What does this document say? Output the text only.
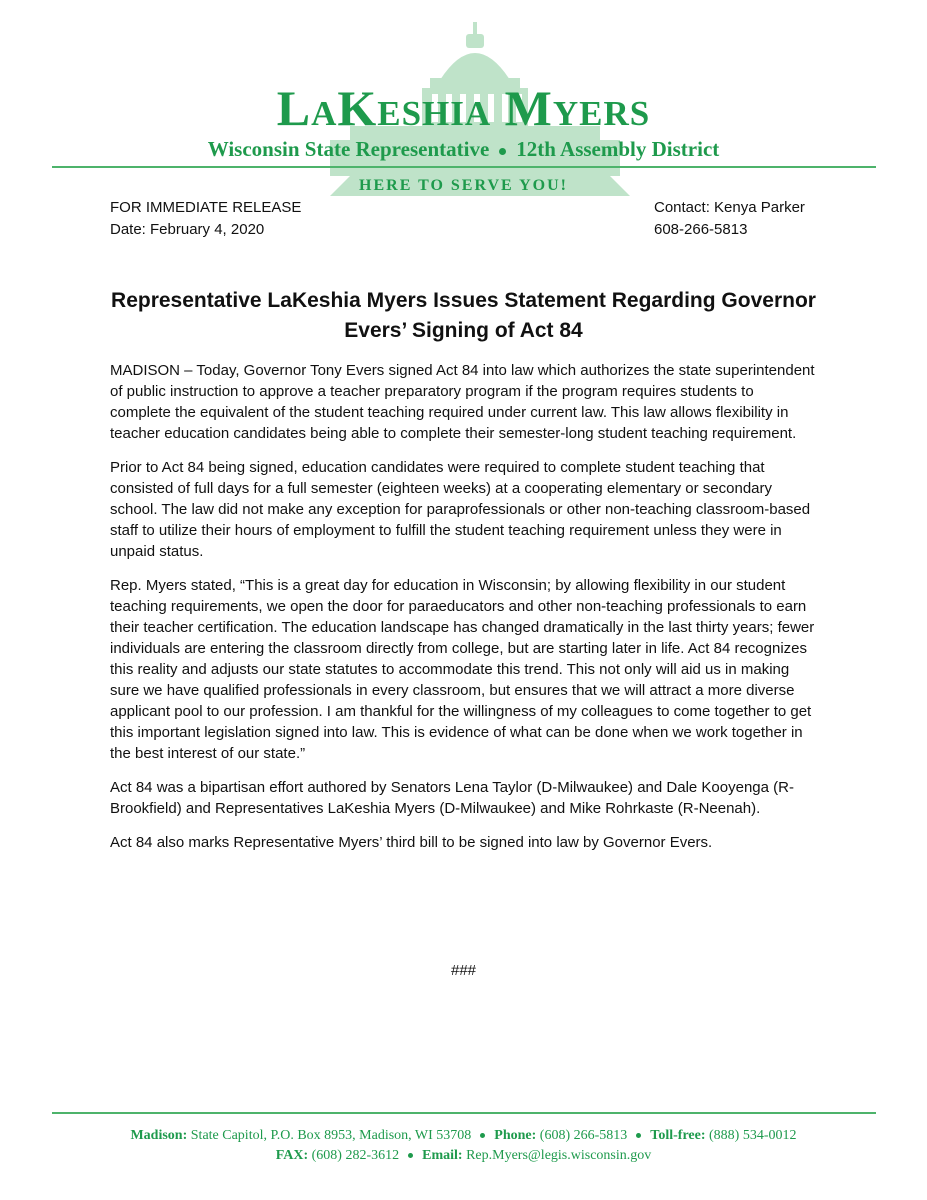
LaKeshia Myers
Wisconsin State Representative 12th Assembly District
HERE TO SERVE YOU!
FOR IMMEDIATE RELEASE
Date: February 4, 2020
Contact: Kenya Parker
608-266-5813
Representative LaKeshia Myers Issues Statement Regarding Governor Evers’ Signing of Act 84

MADISON – Today, Governor Tony Evers signed Act 84 into law which authorizes the state superintendent of public instruction to approve a teacher preparatory program if the program requires students to complete the equivalent of the student teaching required under current law. This law allows flexibility in teacher education candidates being able to complete their semester-long student teaching requirement.

Prior to Act 84 being signed, education candidates were required to complete student teaching that consisted of full days for a full semester (eighteen weeks) at a cooperating elementary or secondary school. The law did not make any exception for paraprofessionals or other non-teaching classroom-based staff to utilize their hours of employment to fulfill the student teaching requirement unless they were in unpaid status.

Rep. Myers stated, “This is a great day for education in Wisconsin; by allowing flexibility in our student teaching requirements, we open the door for paraeducators and other non-teaching professionals to earn their teacher certification. The education landscape has changed dramatically in the last thirty years; fewer individuals are entering the classroom directly from college, but are starting later in life. Act 84 recognizes this reality and adjusts our state statutes to accommodate this trend. This not only will aid us in making sure we have qualified professionals in every classroom, but ensures that we will attract a more diverse applicant pool to our profession. I am thankful for the willingness of my colleagues to come together to get this important legislation signed into law. This is evidence of what can be done when we work together in the best interest of our state.”

Act 84 was a bipartisan effort authored by Senators Lena Taylor (D-Milwaukee) and Dale Kooyenga (R-Brookfield) and Representatives LaKeshia Myers (D-Milwaukee) and Mike Rohrkaste (R-Neenah).

Act 84 also marks Representative Myers’ third bill to be signed into law by Governor Evers.

###
Madison: State Capitol, P.O. Box 8953, Madison, WI 53708 Phone: (608) 266-5813 Toll-free: (888) 534-0012
FAX: (608) 282-3612 Email: Rep.Myers@legis.wisconsin.gov
